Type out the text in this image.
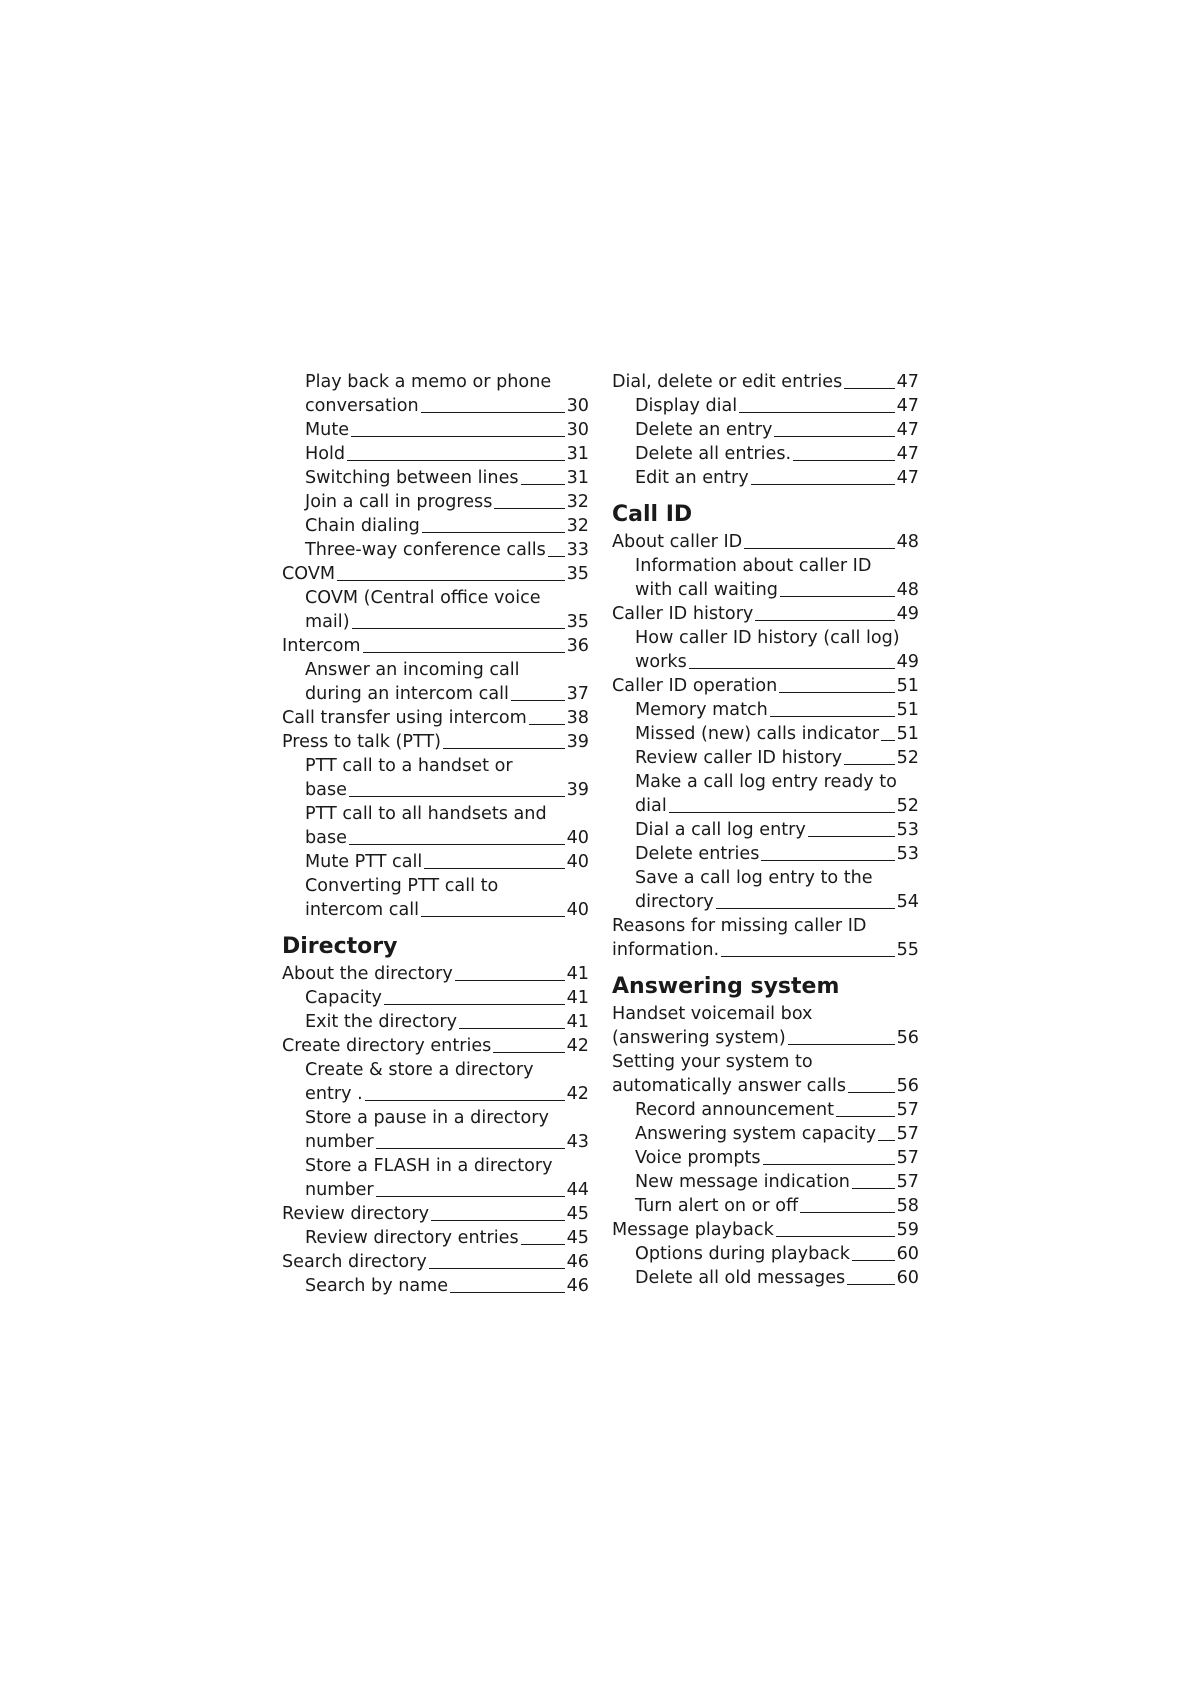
Play back a memo or phone
conversation	30
Mute	30
Hold	31
Switching between lines	31
Join a call in progress	32
Chain dialing	32
Three-way conference calls 33
COVM	35
COVM (Central office voice
mail)	35
Intercom	36
Answer an incoming call
during an intercom call	37
Call transfer using intercom 38
Press to talk (PTT)	39
PTT call to a handset or
base	39
PTT call to all handsets and
base	40
Mute PTT call	40
Converting PTT call to
intercom call	40
Directory
About the directory	41
Capacity	41
Exit the directory	41
Create directory entries	42
Create & store a directory
entry .	42
Store a pause in a directory
number	43
Store a FLASH in a directory
number	44
Review directory	45
Review directory entries	45
Search directory	46
Search by name	46
Dial, delete or edit entries	47
Display dial	47
Delete an entry	47
Delete all entries.	47
Edit an entry	47
Call ID
About caller ID	48
Information about caller ID
with call waiting	48
Caller ID history	49
How caller ID history (call log)
works	49
Caller ID operation	51
Memory match	51
Missed (new) calls indicator 51
Review caller ID history	52
Make a call log entry ready to
dial	52
Dial a call log entry	53
Delete entries	53
Save a call log entry to the
directory	54
Reasons for missing caller ID
information.	55
Answering system
Handset voicemail box
(answering system)	56
Setting your system to
automatically answer calls	56
Record announcement	57
Answering system capacity 57
Voice prompts	57
New message indication	57
Turn alert on or off	58
Message playback	59
Options during playback	60
Delete all old messages	60
